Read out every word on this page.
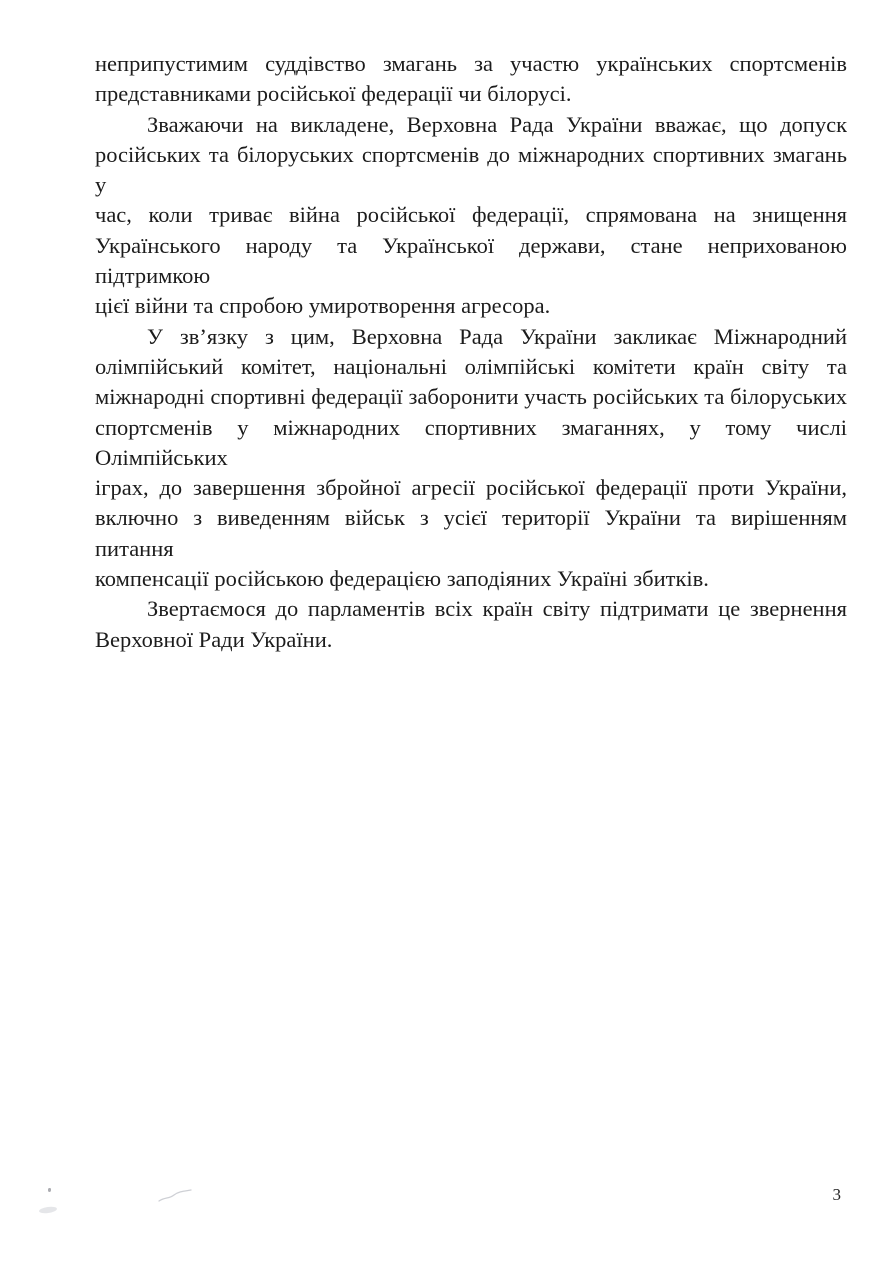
неприпустимим суддівство змагань за участю українських спортсменів
представниками російської федерації чи білорусі.
Зважаючи на викладене, Верховна Рада України вважає, що допуск
російських та білоруських спортсменів до міжнародних спортивних змагань у
час, коли триває війна російської федерації, спрямована на знищення
Українського народу та Української держави, стане неприхованою підтримкою
цієї війни та спробою умиротворення агресора.
У зв’язку з цим, Верховна Рада України закликає Міжнародний
олімпійський комітет, національні олімпійські комітети країн світу та
міжнародні спортивні федерації заборонити участь російських та білоруських
спортсменів у міжнародних спортивних змаганнях, у тому числі Олімпійських
іграх, до завершення збройної агресії російської федерації проти України,
включно з виведенням військ з усієї території України та вирішенням питання
компенсації російською федерацією заподіяних Україні збитків.
Звертаємося до парламентів всіх країн світу підтримати це звернення
Верховної Ради України.
3
